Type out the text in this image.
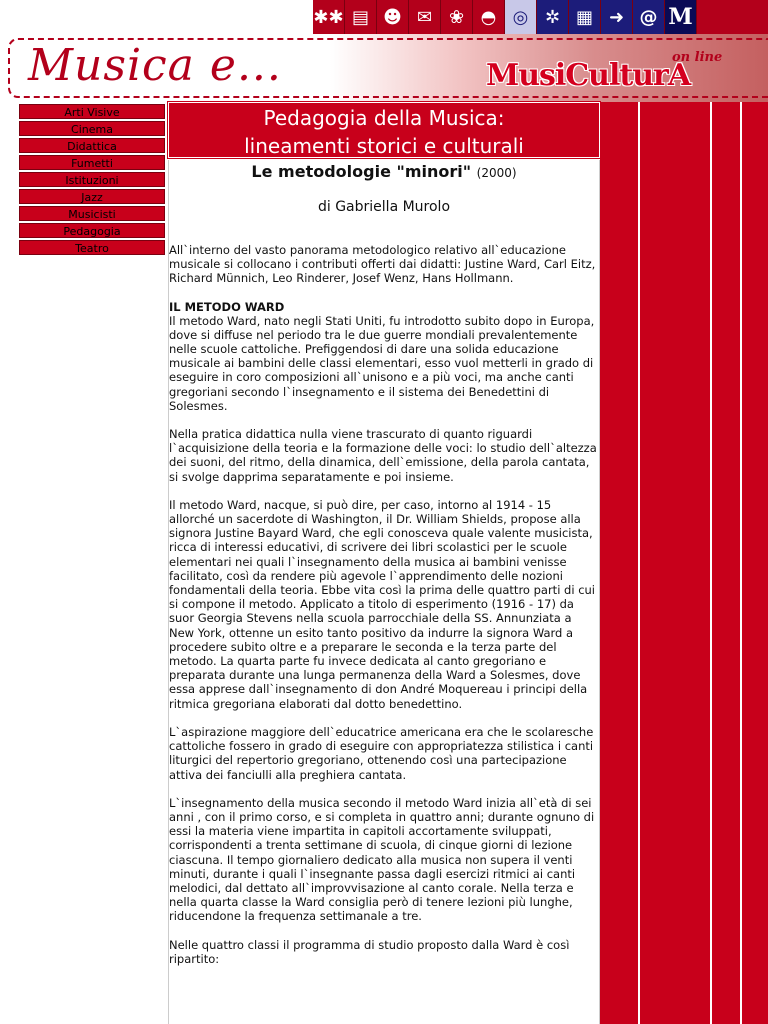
✱✱ ▤ ☻ ✉ ❀ ◓ ◎ ✲ ▦ ➜ @ M
Musica e...	on line
MusiCulturA
Arti Visive
Cinema
Didattica
Fumetti
Istituzioni
Jazz
Musicisti
Pedagogia
Teatro
Pedagogia della Musica:
lineamenti storici e culturali
Le metodologie "minori" (2000)
di Gabriella Murolo

All`interno del vasto panorama metodologico relativo all`educazione musicale si collocano i contributi offerti dai didatti: Justine Ward, Carl Eitz, Richard Münnich, Leo Rinderer, Josef Wenz, Hans Hollmann.

IL METODO WARD

Il metodo Ward, nato negli Stati Uniti, fu introdotto subito dopo in Europa, dove si diffuse nel periodo tra le due guerre mondiali prevalentemente nelle scuole cattoliche. Prefiggendosi di dare una solida educazione musicale ai bambini delle classi elementari, esso vuol metterli in grado di eseguire in coro composizioni all`unisono e a più voci, ma anche canti gregoriani secondo l`insegnamento e il sistema dei Benedettini di Solesmes.

Nella pratica didattica nulla viene trascurato di quanto riguardi l`acquisizione della teoria e la formazione delle voci: lo studio dell`altezza dei suoni, del ritmo, della dinamica, dell`emissione, della parola cantata, si svolge dapprima separatamente e poi insieme.

Il metodo Ward, nacque, si può dire, per caso, intorno al 1914 - 15 allorché un sacerdote di Washington, il Dr. William Shields, propose alla signora Justine Bayard Ward, che egli conosceva quale valente musicista, ricca di interessi educativi, di scrivere dei libri scolastici per le scuole elementari nei quali l`insegnamento della musica ai bambini venisse facilitato, così da rendere più agevole l`apprendimento delle nozioni fondamentali della teoria. Ebbe vita così la prima delle quattro parti di cui si compone il metodo. Applicato a titolo di esperimento (1916 - 17) da suor Georgia Stevens nella scuola parrocchiale della SS. Annunziata a New York, ottenne un esito tanto positivo da indurre la signora Ward a procedere subito oltre e a preparare le seconda e la terza parte del metodo. La quarta parte fu invece dedicata al canto gregoriano e preparata durante una lunga permanenza della Ward a Solesmes, dove essa apprese dall`insegnamento di don André Moquereau i principi della ritmica gregoriana elaborati dal dotto benedettino.

L`aspirazione maggiore dell`educatrice americana era che le scolaresche cattoliche fossero in grado di eseguire con appropriatezza stilistica i canti liturgici del repertorio gregoriano, ottenendo così una partecipazione attiva dei fanciulli alla preghiera cantata.

L`insegnamento della musica secondo il metodo Ward inizia all`età di sei anni , con il primo corso, e si completa in quattro anni; durante ognuno di essi la materia viene impartita in capitoli accortamente sviluppati, corrispondenti a trenta settimane di scuola, di cinque giorni di lezione ciascuna. Il tempo giornaliero dedicato alla musica non supera il venti minuti, durante i quali l`insegnante passa dagli esercizi ritmici ai canti melodici, dal dettato all`improvvisazione al canto corale. Nella terza e nella quarta classe la Ward consiglia però di tenere lezioni più lunghe, riducendone la frequenza settimanale a tre.

Nelle quattro classi il programma di studio proposto dalla Ward è così ripartito:
